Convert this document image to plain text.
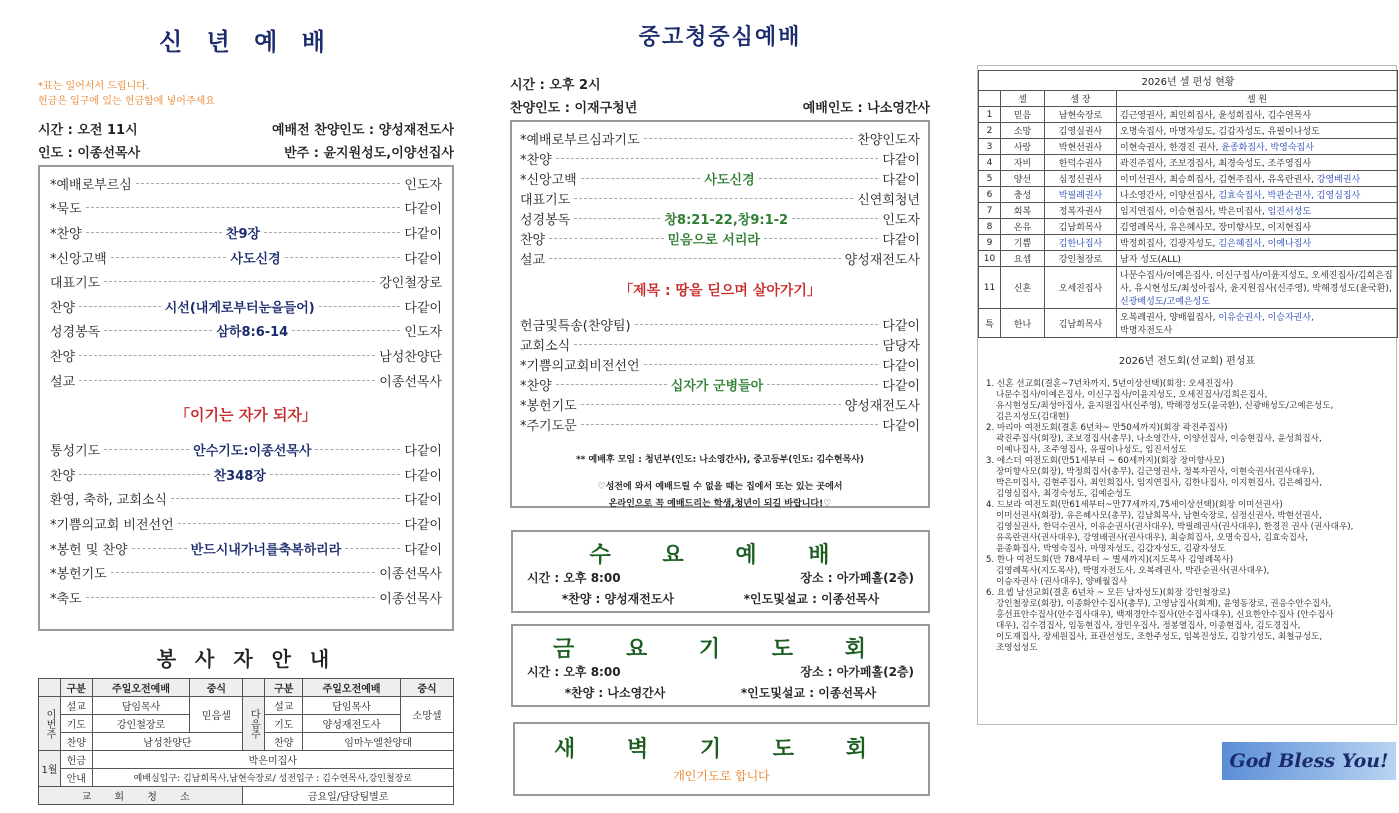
신 년 예 배
*표는 일어서서 드립니다.
헌금은 입구에 있는 헌금함에 넣어주세요
시간 : 오전 11시	예배전 찬양인도 : 양성재전도사
인도 : 이종선목사	반주 : 윤지원성도,이양선집사
*예배로부르심	인도자
*묵도	다같이
*찬양	찬9장	다같이
*신앙고백	사도신경	다같이
대표기도	강인철장로
찬양	시선(내게로부터눈을들어)	다같이
성경봉독	삼하8:6-14	인도자
찬양	남성찬양단
설교	이종선목사
「이기는 자가 되자」
통성기도	안수기도:이종선목사	다같이
찬양	찬348장	다같이
환영, 축하, 교회소식	다같이
*기쁨의교회 비전선언	다같이
*봉헌 및 찬양	반드시내가너를축복하리라	다같이
*봉헌기도	이종선목사
*축도	이종선목사
봉 사 자 안 내
	구분	주일오전예배	중식		구분	주일오전예배	중식
이번주	설교	담임목사	믿음셀	다음주	설교	담임목사	소망셀
	기도	강인철장로			기도	양성재전도사	
	찬양	남성찬양단			찬양	임마누엘찬양대	
1월	헌금	박은미집사					
	안내	예배실입구: 김남희목사,남현숙장로/ 성전입구 : 김수연목사,강인철장로					
교 회 청 소				금요일/담당팀별로			
중고청중심예배
시간 : 오후 2시
찬양인도 : 이재구청년	예배인도 : 나소영간사
*예배로부르심과기도	찬양인도자
*찬양	다같이
*신앙고백	사도신경	다같이
대표기도	신연희청년
성경봉독	창8:21-22,창9:1-2	인도자
찬양	믿음으로 서리라	다같이
설교	양성재전도사
「제목 : 땅을 딛으며 살아가기」
헌금및특송(찬양팀)	다같이
교회소식	담당자
*기쁨의교회비전선언	다같이
*찬양	십자가 군병들아	다같이
*봉헌기도	양성재전도사
*주기도문	다같이
** 예배후 모임 : 청년부(인도: 나소영간사), 중고등부(인도: 김수현목사)
♡성전에 와서 예배드릴 수 없을 때는 집에서 또는 있는 곳에서
온라인으로 꼭 예배드리는 학생,청년이 되길 바랍니다!♡
수 요 예 배
시간 : 오후 8:00	장소 : 아가페홀(2층)
*찬양 : 양성재전도사	*인도및설교 : 이종선목사
금 요 기 도 회
시간 : 오후 8:00	장소 : 아가페홀(2층)
*찬양 : 나소영간사	*인도및설교 : 이종선목사
새 벽 기 도 회
개인기도로 합니다
2026년 셀 편성 현황			
	셀	셀 장	셀 원
1	믿음	남현숙장로	김근영권사, 최인희집사, 윤성희집사, 김수연목사
2	소망	김영실권사	오명숙집사, 마명자성도, 김갑자성도, 유필이나성도
3	사랑	박현선권사	이현숙권사, 한경진 권사, 윤종화집사, 박영숙집사
4	자비	한덕수권사	곽진주집사, 조보경집사, 최경숙성도, 조주영집사
5	양선	심정신권사	이미선권사, 최승희집사, 김현주집사, 유옥란권사, 강영배권사
6	충성	박필례권사	나소영간사, 이양선집사, 김효숙집사, 박관순권사, 김영심집사
7	회복	정복자권사	임지연집사, 이승현집사, 박은미집사, 임진서성도
8	온유	김남희목사	김영례목사, 유은혜사모, 장미향사모, 이지현집사
9	기쁨	김한나집사	박정희집사, 김광자성도, 김은혜집사, 이예나집사
10	요셉	강인철장로	남자 성도(ALL)
11	신혼	오세진집사	나문수집사/이예은집사, 이신구집사/이윤지성도, 오세진집사/김희은집사, 유시현성도/최성아집사, 윤지원집사(신주영), 박해경성도(윤국환), 신광배성도/고예은성도
특	한나	김남희목사	오복례권사, 양배월집사, 이유순권사, 이승자권사,
박명자전도사
2026년 전도회(선교회) 편성표
1. 신혼 선교회(결혼~7년차까지, 5년이상선택)(회장: 오세진집사)
나문수집사/이예은집사, 이신구집사/이윤지성도, 오세진집사/김희은집사,
유시현성도/최성아집사, 윤지원집사(신주영), 박해경성도(윤국환), 신광배성도/고예은성도,
김은지성도(김대현)
2. 마리아 여전도회(결혼 6년차~ 만50세까지)(회장 곽진주집사)
곽진주집사(회장), 조보경집사(총무), 나소영간사, 이양선집사, 이승현집사, 윤성희집사,
이예나집사, 조주영집사, 유필이나성도, 임진서성도
3. 에스더 여전도회(만51세부터 ~ 60세까지)(회장 장미향사모)
장미향사모(회장), 박정희집사(총무), 김근영권사, 정복자권사, 이현숙권사(권사대우),
박은미집사, 김현주집사, 최인희집사, 임지연집사, 김한나집사, 이지현집사, 김은혜집사,
김영심집사, 최경숙성도, 김예순성도
4. 드보라 여전도회(만61세부터~만77세까지,75세이상선택)(회장 이미선권사)
이미선권사(회장), 유은혜사모(총무), 김남희목사, 남현숙장로, 심정신권사, 박현선권사,
김영실권사, 한덕수권사, 이유순권사(권사대우), 박필례권사(권사대우), 한경진 권사 (권사대우),
유옥란권사(권사대우), 강영배권사(권사대우), 최승희집사, 오명숙집사, 김효숙집사,
윤종화집사, 박영숙집사, 마명자성도, 김갑자성도, 김광자성도
5. 한나 여전도회(만 78세부터 ~ 별세까지)(지도목사 김영례목사)
김영례목사(지도목사), 박명자전도사, 오복례권사, 박관순권사(권사대우),
이승자권사 (권사대우), 양배월집사
6. 요셉 남선교회(결혼 6년차 ~ 모든 남자성도)(회장 강인철장로)
강인철장로(회장), 이종화안수집사(총무), 고영남집사(회계), 윤영동장로, 권응수안수집사,
홍선표안수집사(안수집사대우), 백재경안수집사(안수집사대우), 신요한안수집사 (안수집사
대우), 김수겸집사, 임동현집사, 장민우집사, 정봉열집사, 이종현집사, 김도경집사,
이도재집사, 장세원집사, 표관선성도, 조한주성도, 임복진성도, 김창기성도, 최철규성도,
조영섭성도
God Bless You!
